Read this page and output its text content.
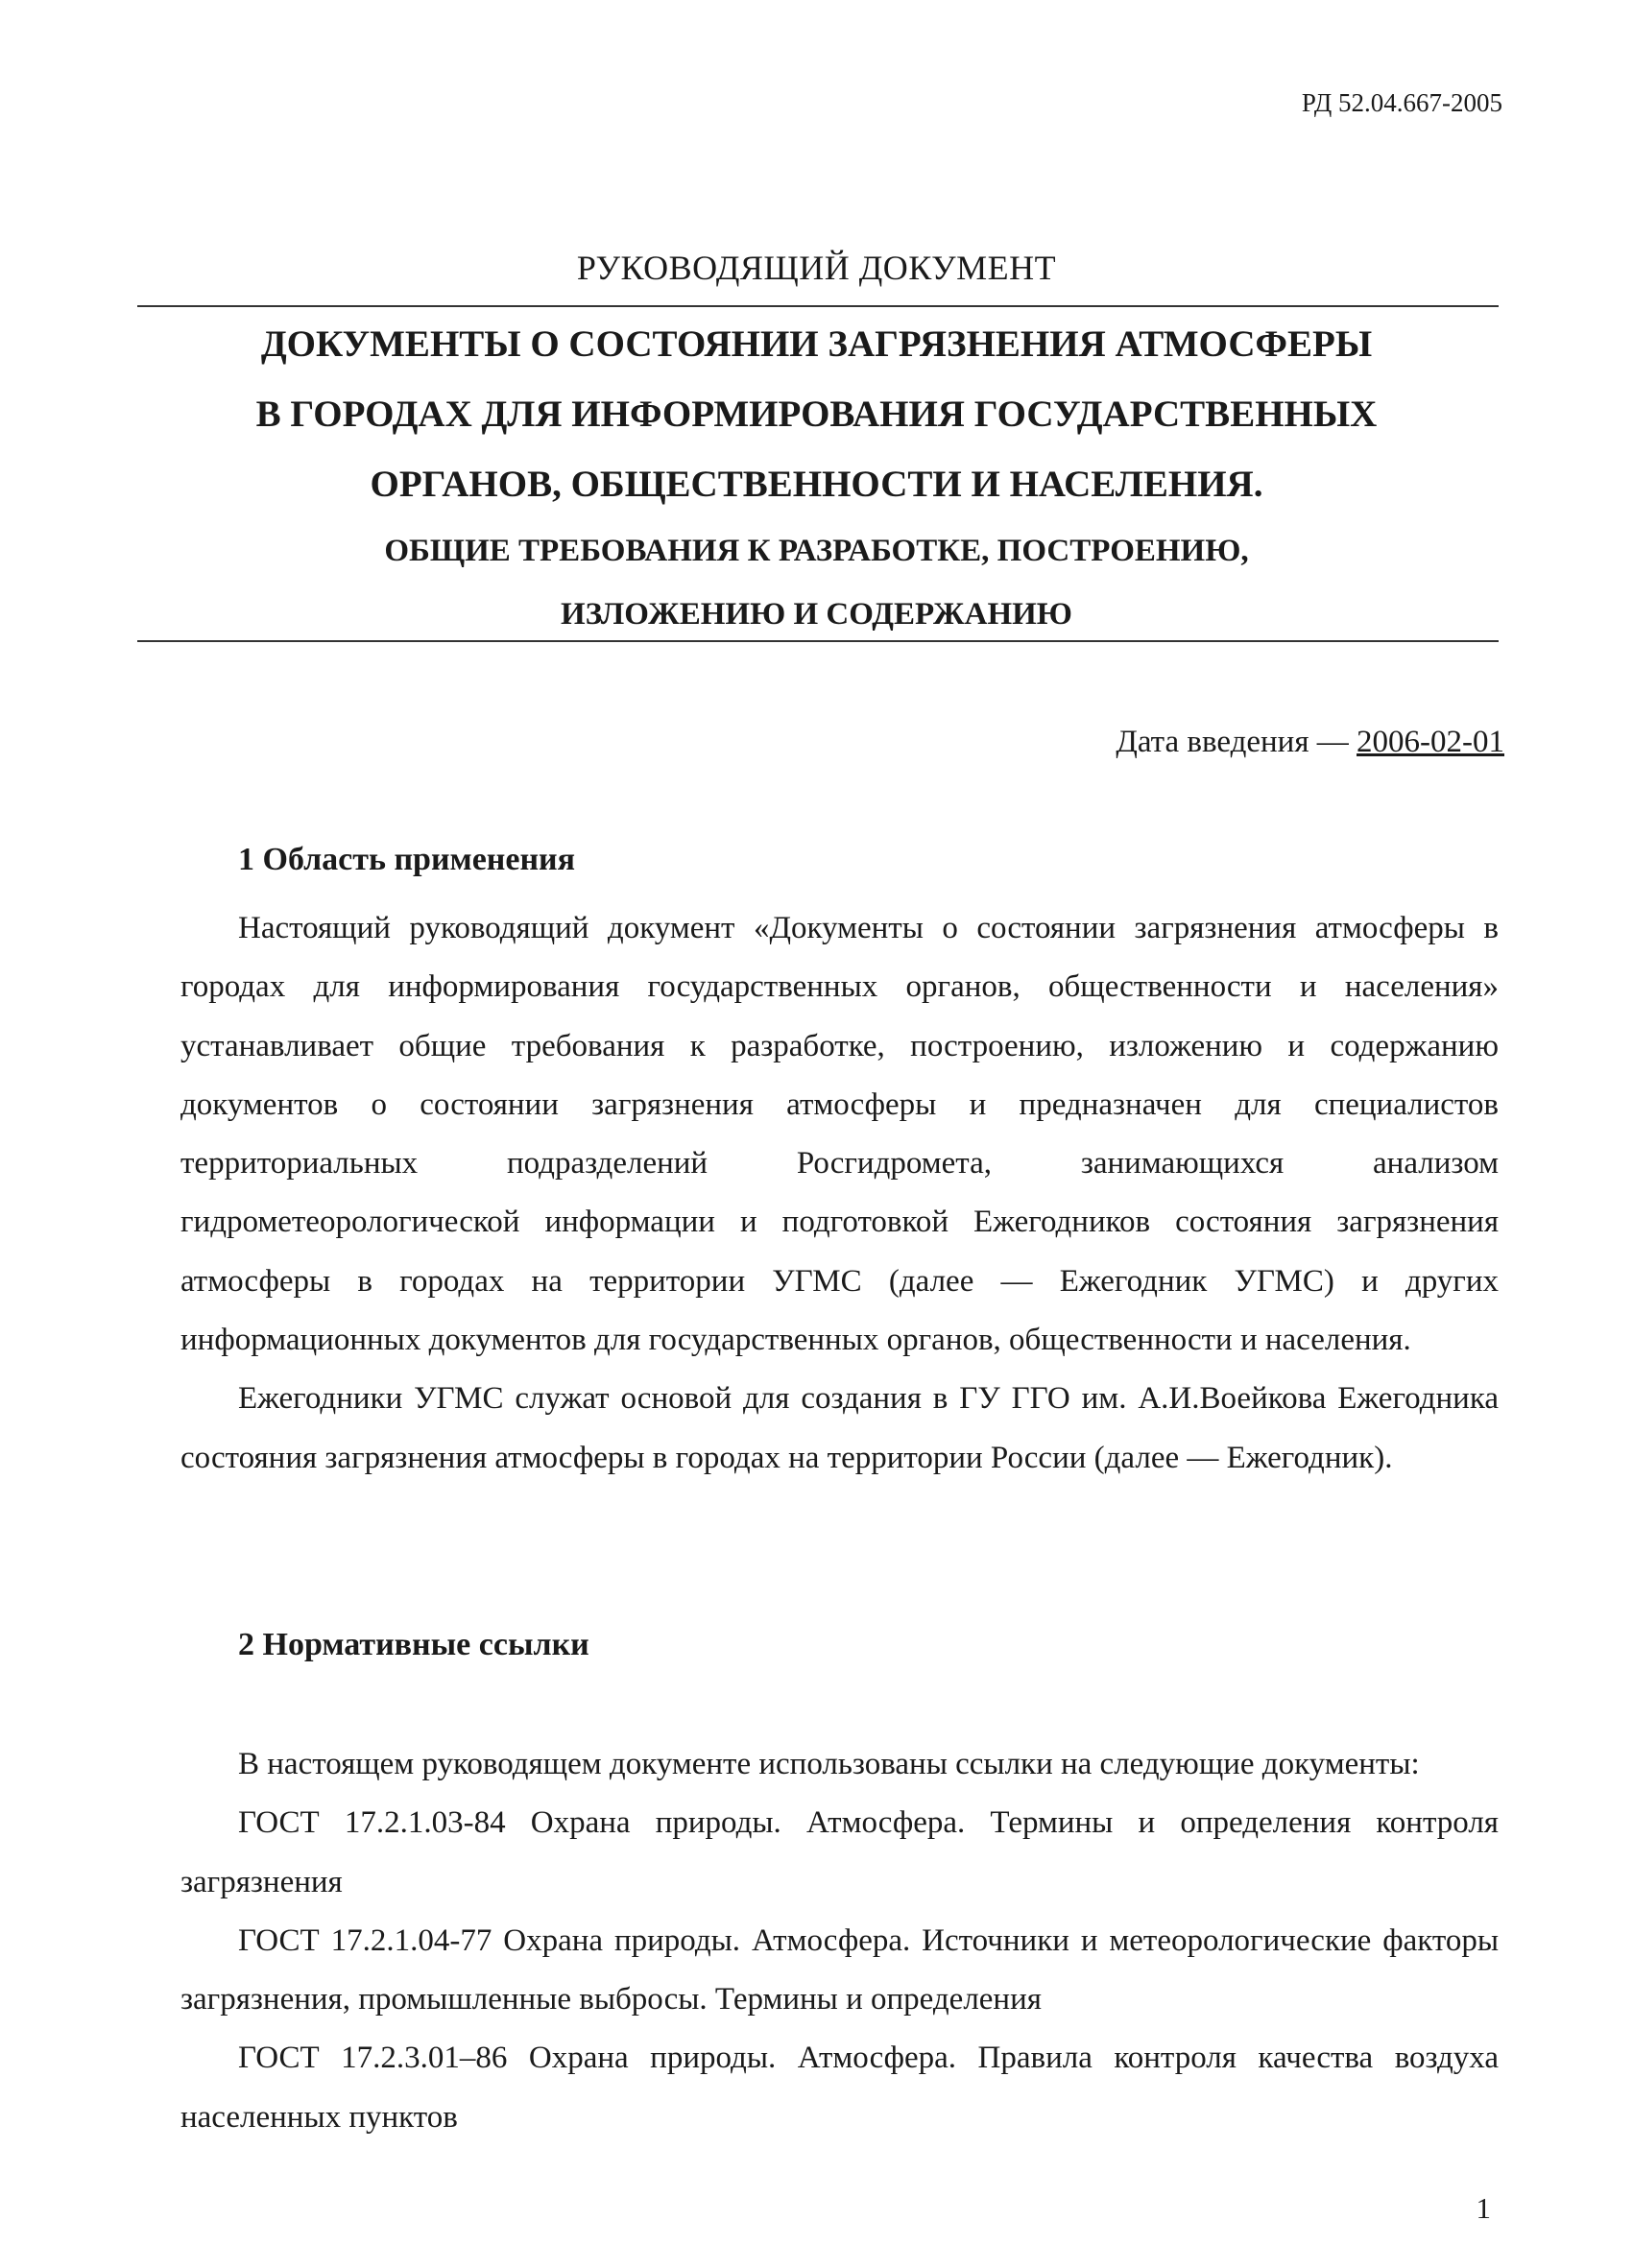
РД 52.04.667-2005
РУКОВОДЯЩИЙ ДОКУМЕНТ
ДОКУМЕНТЫ О СОСТОЯНИИ ЗАГРЯЗНЕНИЯ АТМОСФЕРЫ
В ГОРОДАХ ДЛЯ ИНФОРМИРОВАНИЯ ГОСУДАРСТВЕННЫХ
ОРГАНОВ, ОБЩЕСТВЕННОСТИ И НАСЕЛЕНИЯ.
ОБЩИЕ ТРЕБОВАНИЯ К РАЗРАБОТКЕ, ПОСТРОЕНИЮ,
ИЗЛОЖЕНИЮ И СОДЕРЖАНИЮ
Дата введения — 2006-02-01
1 Область применения

Настоящий руководящий документ «Документы о состоянии загрязнения атмосферы в городах для информирования государственных органов, общественности и населения» устанавливает общие требования к разработке, построению, изложению и содержанию документов о состоянии загрязнения атмосферы и предназначен для специалистов территориальных подразделений Росгидромета, занимающихся анализом гидрометеорологической информации и подготовкой Ежегодников состояния загрязнения атмосферы в городах на территории УГМС (далее — Ежегодник УГМС) и других информационных документов для государственных органов, общественности и населения.

Ежегодники УГМС служат основой для создания в ГУ ГГО им. А.И.Воейкова Ежегодника состояния загрязнения атмосферы в городах на территории России (далее — Ежегодник).

2 Нормативные ссылки

В настоящем руководящем документе использованы ссылки на следующие документы:

ГОСТ 17.2.1.03-84 Охрана природы. Атмосфера. Термины и определения контроля загрязнения

ГОСТ 17.2.1.04-77 Охрана природы. Атмосфера. Источники и метеорологические факторы загрязнения, промышленные выбросы. Термины и определения

ГОСТ 17.2.3.01–86 Охрана природы. Атмосфера. Правила контроля качества воздуха населенных пунктов

1
